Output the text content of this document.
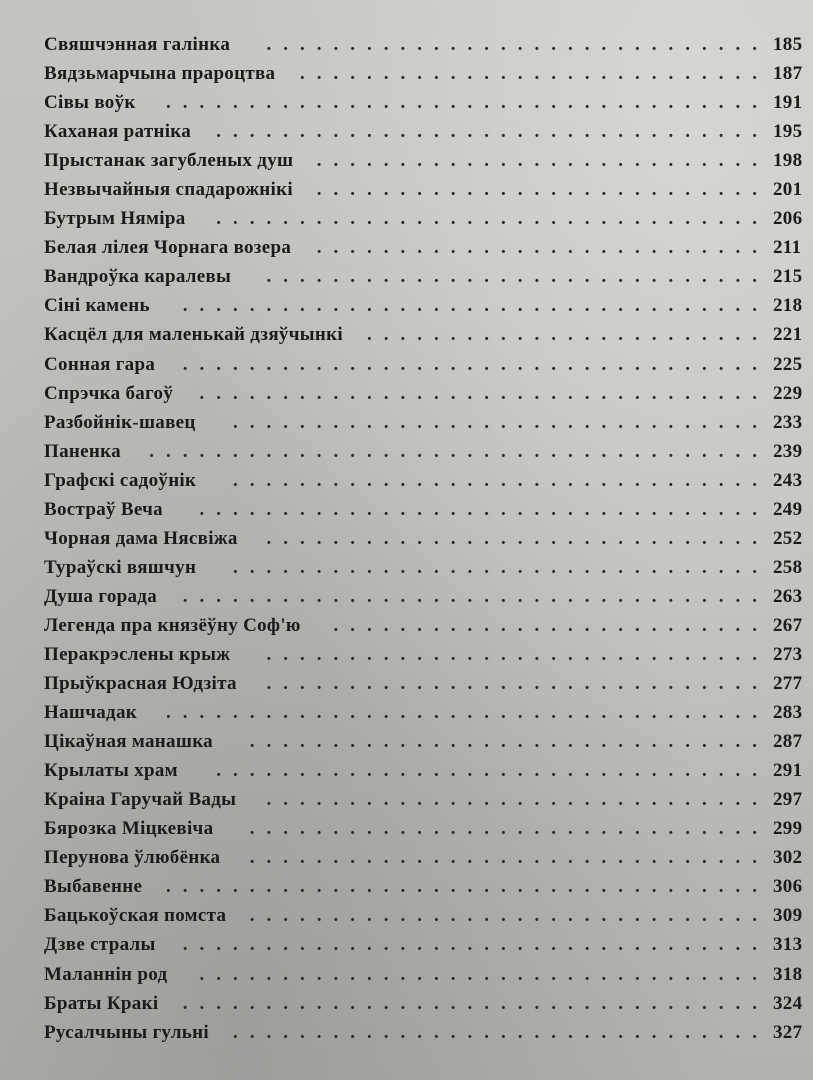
..............................
Свяшчэнная галінка	185
............................
Вядзьмарчына прароцтва	187
....................................
Сівы воўк	191
.................................
Каханая ратніка	195
...........................
Прыстанак загубленых душ	198
...........................
Незвычайныя спадарожнікі	201
.................................
Бутрым Няміра	206
...........................
Белая лілея Чорнага возера	211
..............................
Вандроўка каралевы	215
...................................
Сіні камень	218
........................
Касцёл для маленькай дзяўчынкі	221
...................................
Сонная гара	225
..................................
Спрэчка багоў	229
................................
Разбойнік-шавец	233
.....................................
Паненка	239
................................
Графскі садоўнік	243
..................................
Востраў Веча	249
..............................
Чорная дама Нясвіжа	252
................................
Тураўскі вяшчун	258
...................................
Душа горада	263
..........................
Легенда пра князёўну Соф'ю	267
..............................
Перакрэслены крыж	273
..............................
Прыўкрасная Юдзіта	277
....................................
Нашчадак	283
...............................
Цікаўная манашка	287
.................................
Крылаты храм	291
..............................
Краіна Гаручай Вады	297
...............................
Бярозка Міцкевіча	299
...............................
Перунова ўлюбёнка	302
....................................
Выбавенне	306
...............................
Бацькоўская помста	309
...................................
Дзве стралы	313
..................................
Маланнін род	318
...................................
Браты Кракі	324
................................
Русалчыны гульні	327
